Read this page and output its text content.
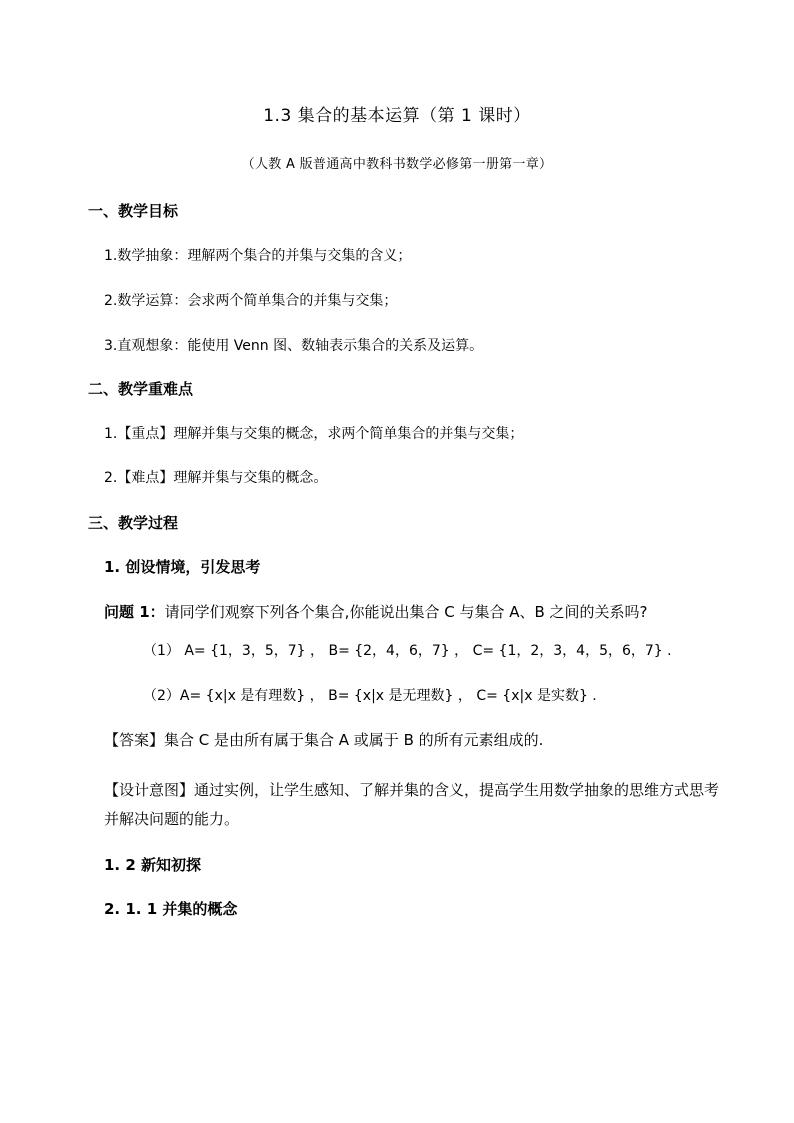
1.3 集合的基本运算（第 1 课时）
（人教 A 版普通高中教科书数学必修第一册第一章）
一、教学目标
1.数学抽象：理解两个集合的并集与交集的含义；
2.数学运算：会求两个简单集合的并集与交集；
3.直观想象：能使用 Venn 图、数轴表示集合的关系及运算。
二、教学重难点
1.【重点】理解并集与交集的概念，求两个简单集合的并集与交集；
2.【难点】理解并集与交集的概念。
三、教学过程
1. 创设情境，引发思考
问题 1：请同学们观察下列各个集合,你能说出集合 C 与集合 A、B 之间的关系吗?
（1） A= {1，3，5，7} ， B= {2，4，6，7} ， C= {1，2，3，4，5，6，7} .
（2）A= {x|x 是有理数} ， B= {x|x 是无理数} ， C= {x|x 是实数} .
【答案】集合 C 是由所有属于集合 A 或属于 B 的所有元素组成的.
【设计意图】通过实例，让学生感知、了解并集的含义，提高学生用数学抽象的思维方式思考并解决问题的能力。
1. 2 新知初探
2. 1. 1 并集的概念
